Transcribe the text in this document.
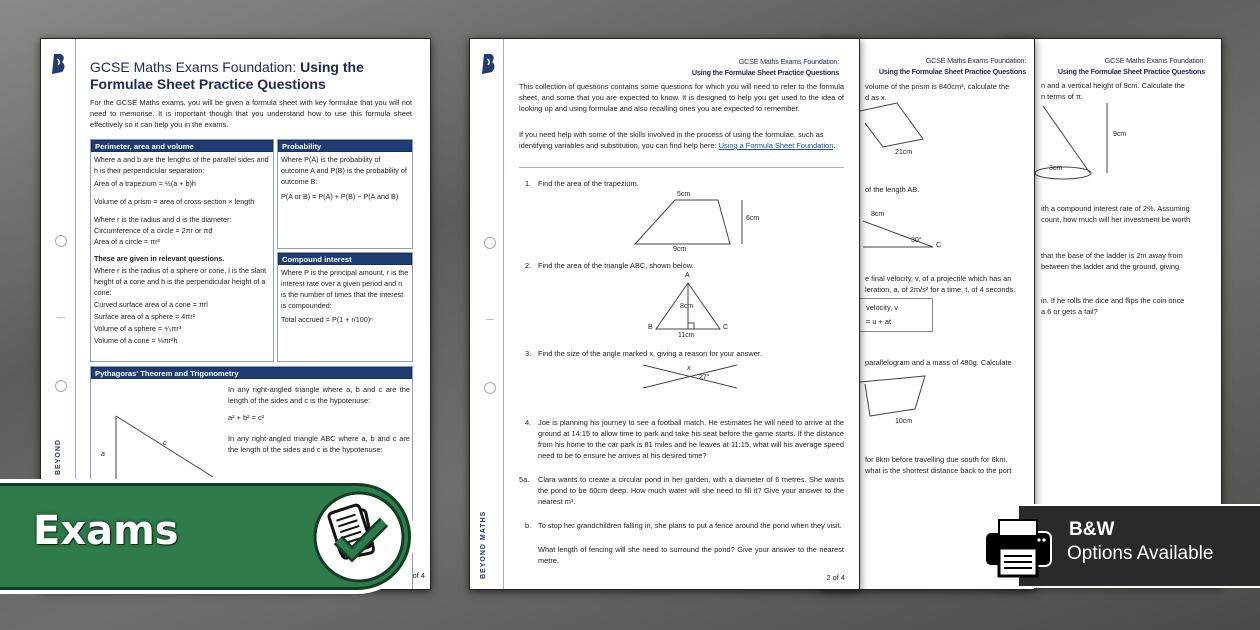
GCSE Maths Exams Foundation:
Using the Formulae Sheet Practice Questions
n and a vertical height of 9cm. Calculate the
n terms of π.
9cm
3cm
ith a compound interest rate of 2%. Assuming
count, how much will her investment be worth
that the base of the ladder is 2m away from
between the ladder and the ground, giving
in. If he rolls the dice and flips the coin once
a 6 or gets a tail?
GCSE Maths Exams Foundation:
Using the Formulae Sheet Practice Questions
volume of the prism is 840cm³, calculate the
d as x.
21cm
of the length AB.
8cm
30°
C
e final velocity, v, of a projectile which has an
leration, a, of 2m/s² for a time, t, of 4 seconds.
velocity, v
= u + at
parallelogram and a mass of 480g. Calculate
10cm
for 8km before travelling due south for 6km.
what is the shortest distance back to the port
BEYOND MATHS
GCSE Maths Exams Foundation:
Using the Formulae Sheet Practice Questions
This collection of questions contains some questions for which you will need to refer to the formula sheet, and some that you are expected to know. It is designed to help you get used to the idea of looking up and using formulae and also recalling ones you are expected to remember.
If you need help with some of the skills involved in the process of using the formulae, such as identifying variables and substitution, you can find help here: Using a Formula Sheet Foundation.
1. Find the area of the trapezium.
5cm
6cm
9cm
2. Find the area of the triangle ABC, shown below.
A
B	C
8cm
11cm
3. Find the size of the angle marked x, giving a reason for your answer.
x
27°
4. Joe is planning his journey to see a football match. He estimates he will need to arrive at the ground at 14:15 to allow time to park and take his seat before the game starts. If the distance from his home to the car park is 81 miles and he leaves at 11:15, what will his average speed need to be to ensure he arrives at his desired time?
5a. Clara wants to create a circular pond in her garden, with a diameter of 6 metres. She wants the pond to be 60cm deep. How much water will she need to fill it? Give your answer to the nearest m³.
b. To stop her grandchildren falling in, she plans to put a fence around the pond when they visit.
What length of fencing will she need to surround the pond? Give your answer to the nearest metre.
2 of 4
BEYOND
GCSE Maths Exams Foundation: Using the Formulae Sheet Practice Questions
For the GCSE Maths exams, you will be given a formula sheet with key formulae that you will not need to memorise. It is important though that you understand how to use this formula sheet effectively so it can help you in the exams.
Perimeter, area and volume
Where a and b are the lengths of the parallel sides and h is their perpendicular separation:
Area of a trapezium = ½(a + b)h
Volume of a prism = area of cross-section × length
Where r is the radius and d is the diameter:
Circumference of a circle = 2πr or πd
Area of a circle = πr²
These are given in relevant questions.
Where r is the radius of a sphere or cone, l is the slant height of a cone and h is the perpendicular height of a cone:
Curved surface area of a cone = πrl
Surface area of a sphere = 4πr²
Volume of a sphere = ⁴⁄₃πr³
Volume of a cone = ⅓πr²h
Probability
Where P(A) is the probability of outcome A and P(B) is the probability of outcome B:
P(A or B) = P(A) + P(B) − P(A and B)
Compound interest
Where P is the principal amount, r is the interest rate over a given period and n is the number of times that the interest is compounded:
Total accrued = P(1 + r/100)ⁿ
Pythagoras' Theorem and Trigonometry
In any right-angled triangle where a, b and c are the length of the sides and c is the hypotenuse:
a² + b² = c²
In any right-angled triangle ABC where a, b and c are the length of the sides and c is the hypotenuse:
a
c
of 4
Exams	B&W
Options Available
